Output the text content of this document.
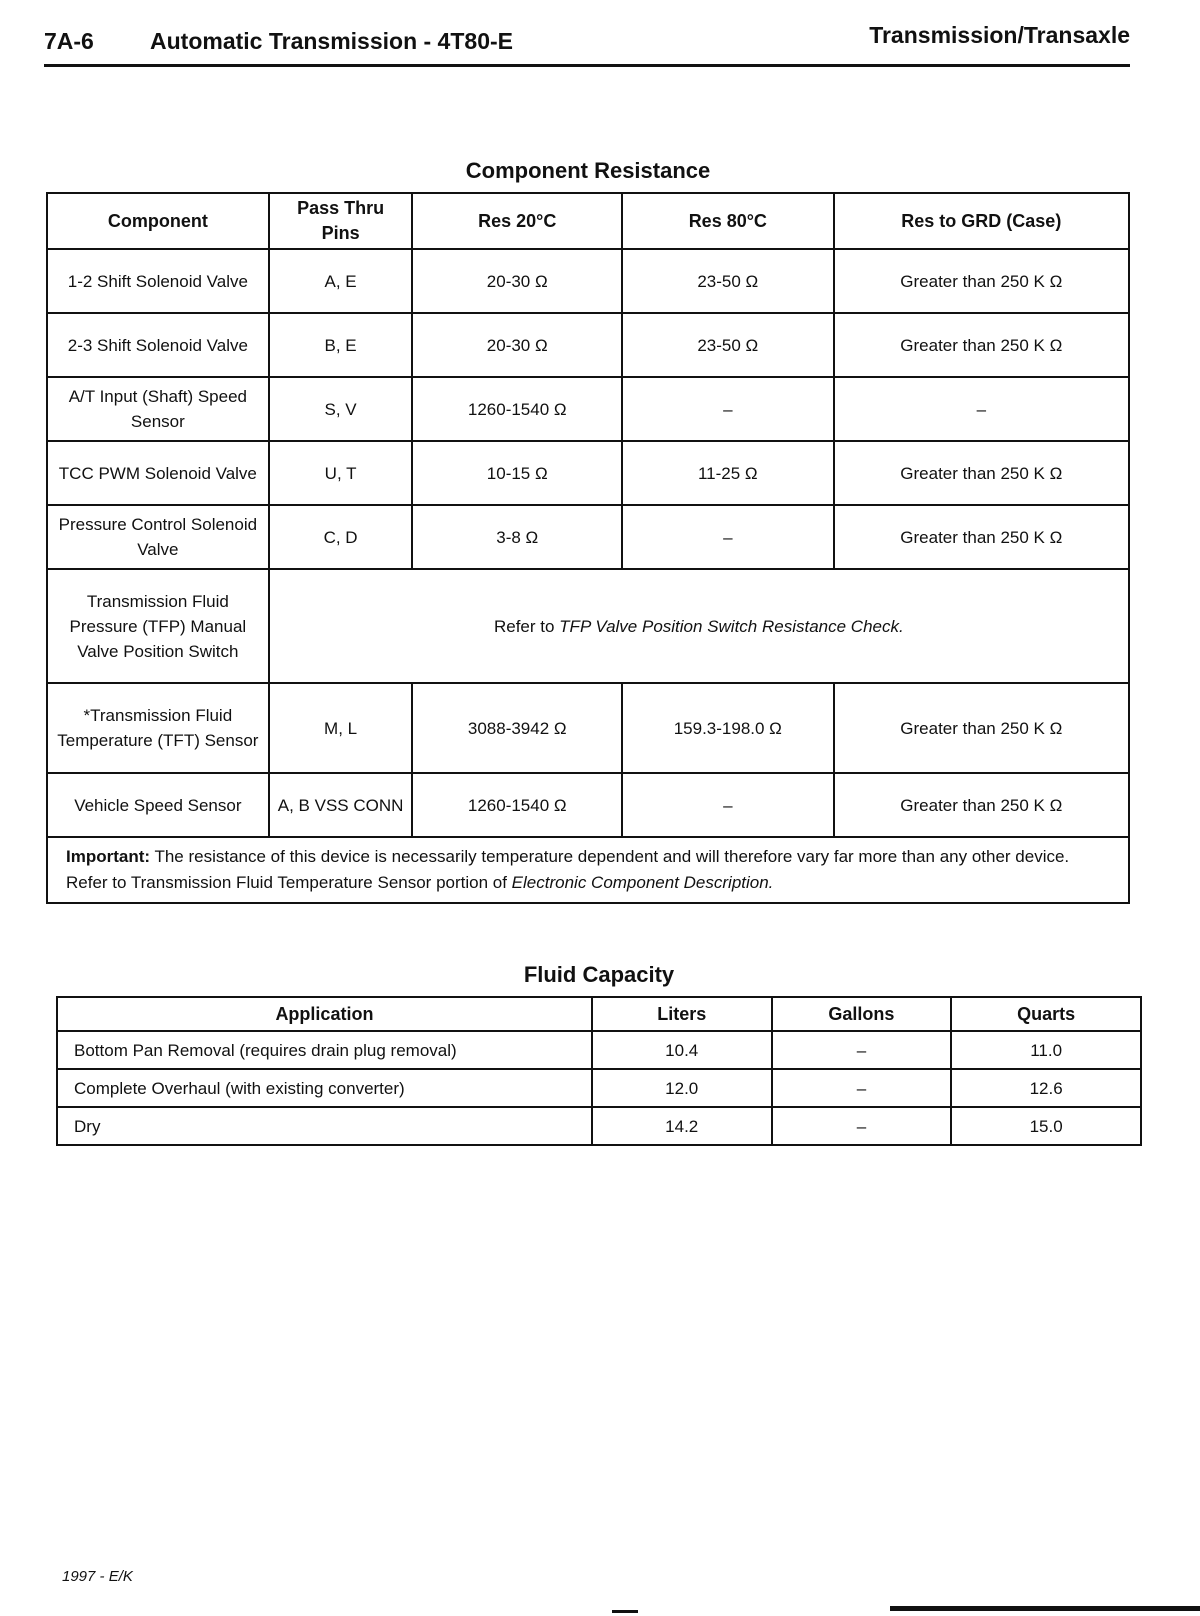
7A-6 Automatic Transmission - 4T80-E	Transmission/Transaxle
Component Resistance
Component	Pass Thru Pins	Res 20°C	Res 80°C	Res to GRD (Case)
1-2 Shift Solenoid Valve	A, E	20-30 Ω	23-50 Ω	Greater than 250 K Ω
2-3 Shift Solenoid Valve	B, E	20-30 Ω	23-50 Ω	Greater than 250 K Ω
A/T Input (Shaft) Speed Sensor	S, V	1260-1540 Ω	–	–
TCC PWM Solenoid Valve	U, T	10-15 Ω	11-25 Ω	Greater than 250 K Ω
Pressure Control Solenoid Valve	C, D	3-8 Ω	–	Greater than 250 K Ω
Transmission Fluid Pressure (TFP) Manual Valve Position Switch	Refer to TFP Valve Position Switch Resistance Check.			
*Transmission Fluid Temperature (TFT) Sensor	M, L	3088-3942 Ω	159.3-198.0 Ω	Greater than 250 K Ω
Vehicle Speed Sensor	A, B VSS CONN	1260-1540 Ω	–	Greater than 250 K Ω
Important: The resistance of this device is necessarily temperature dependent and will therefore vary far more than any other device. Refer to Transmission Fluid Temperature Sensor portion of Electronic Component Description.				
Fluid Capacity
Application	Liters	Gallons	Quarts
Bottom Pan Removal (requires drain plug removal)	10.4	–	11.0
Complete Overhaul (with existing converter)	12.0	–	12.6
Dry	14.2	–	15.0
1997 - E/K
